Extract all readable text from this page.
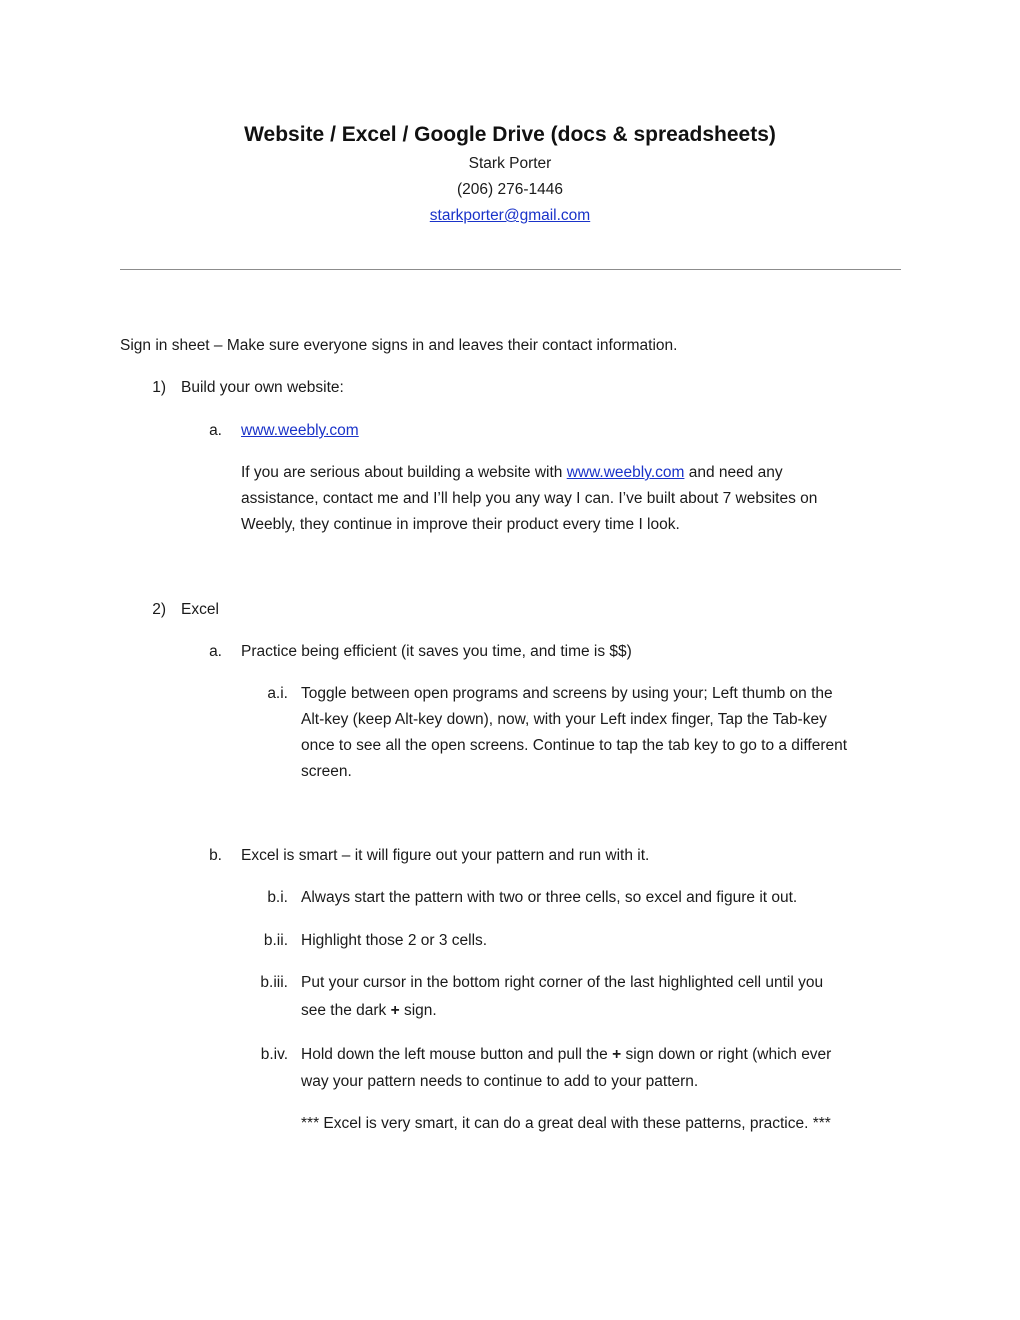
Website / Excel / Google Drive (docs & spreadsheets)
Stark Porter
(206) 276-1446
starkporter@gmail.com
Sign in sheet – Make sure everyone signs in and leaves their contact information.
1) Build your own website:
a. www.weebly.com
If you are serious about building a website with www.weebly.com and need any
assistance, contact me and I’ll help you any way I can. I’ve built about 7 websites on
Weebly, they continue in improve their product every time I look.
2) Excel
a. Practice being efficient (it saves you time, and time is $$)
a.i. Toggle between open programs and screens by using your; Left thumb on the
Alt-key (keep Alt-key down), now, with your Left index finger, Tap the Tab-key
once to see all the open screens. Continue to tap the tab key to go to a different
screen.
b. Excel is smart – it will figure out your pattern and run with it.
b.i. Always start the pattern with two or three cells, so excel and figure it out.
b.ii. Highlight those 2 or 3 cells.
b.iii. Put your cursor in the bottom right corner of the last highlighted cell until you
see the dark + sign.
b.iv. Hold down the left mouse button and pull the + sign down or right (which ever
way your pattern needs to continue to add to your pattern.
*** Excel is very smart, it can do a great deal with these patterns, practice. ***
